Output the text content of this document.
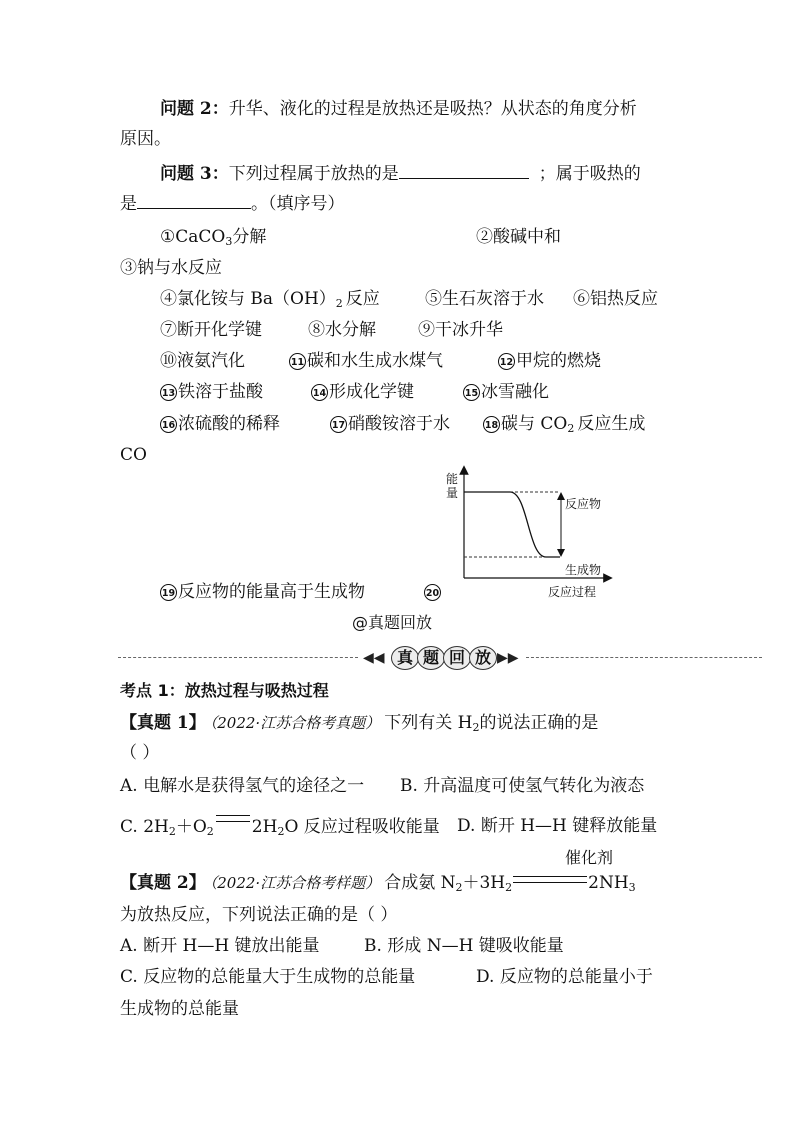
问题 2：升华、液化的过程是放热还是吸热？从状态的角度分析
原因。
问题 3：下列过程属于放热的是	；属于吸热的
是	。（填序号）
①CaCO$_3$分解	②酸碱中和
③钠与水反应
④氯化铵与 $Ba(OH)_2$ 反应	⑤生石灰溶于水 ⑥铝热反应
⑦断开化学键	⑧水分解 ⑨干冰升华
⑩液氨汽化	11 碳和水生成水煤气	12 甲烷的燃烧
13 铁溶于盐酸	14 形成化学键	15 冰雪融化
16 浓硫酸的稀释	17 硝酸铵溶于水	18 碳与 $CO_2$ 反应生成
CO
能
量
反应物
生成物
反应过程
19 反应物的能量高于生成物	20
@真题回放
◀◀ 真 题 回 放 ▶▶
考点 1：放热过程与吸热过程
【真题 1】 （2022·江苏合格考真题） 下列有关 $H_2$的说法正确的是
（ ）
A. 电解水是获得氢气的途径之一 B. 升高温度可使氢气转化为液态
C. $2H_2+O_2$ $2H_2O$ 反应过程吸收能量 D. 断开 H—H 键释放能量
催化剂
【真题 2】 （2022·江苏合格考样题） 合成氨 $N_2+3H_2$	$2NH_3$
为放热反应，下列说法正确的是（ ）
A. 断开 H—H 键放出能量	B. 形成 N—H 键吸收能量
C. 反应物的总能量大于生成物的总能量	D. 反应物的总能量小于
生成物的总能量
